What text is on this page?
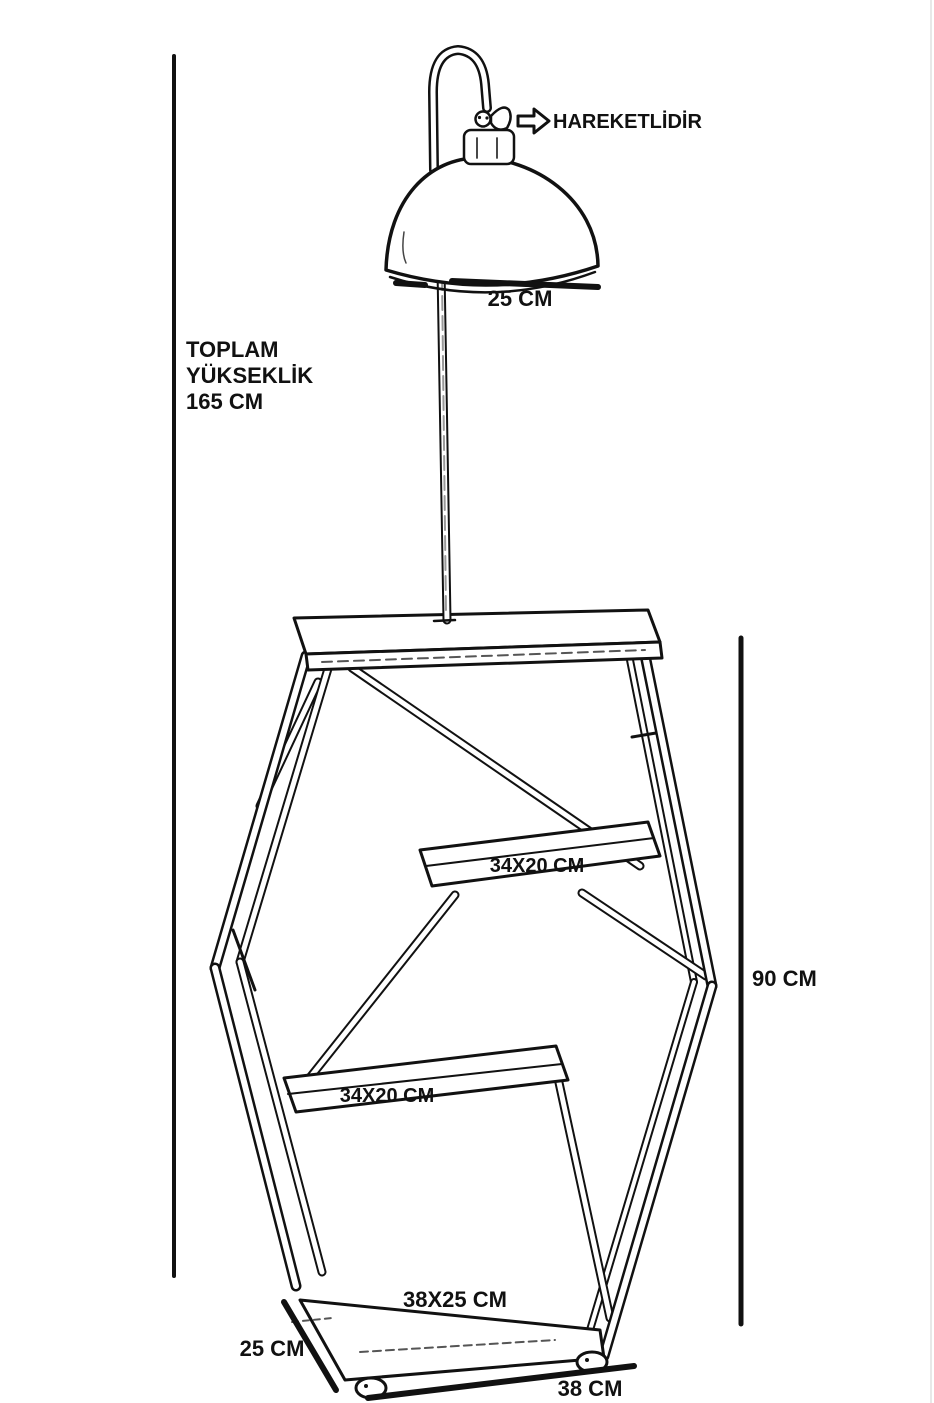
HAREKETLİDİR
TOPLAM
YÜKSEKLİK
165 CM
25 CM
34X20 CM
34X20 CM
38X25 CM
90 CM
25 CM
38 CM
